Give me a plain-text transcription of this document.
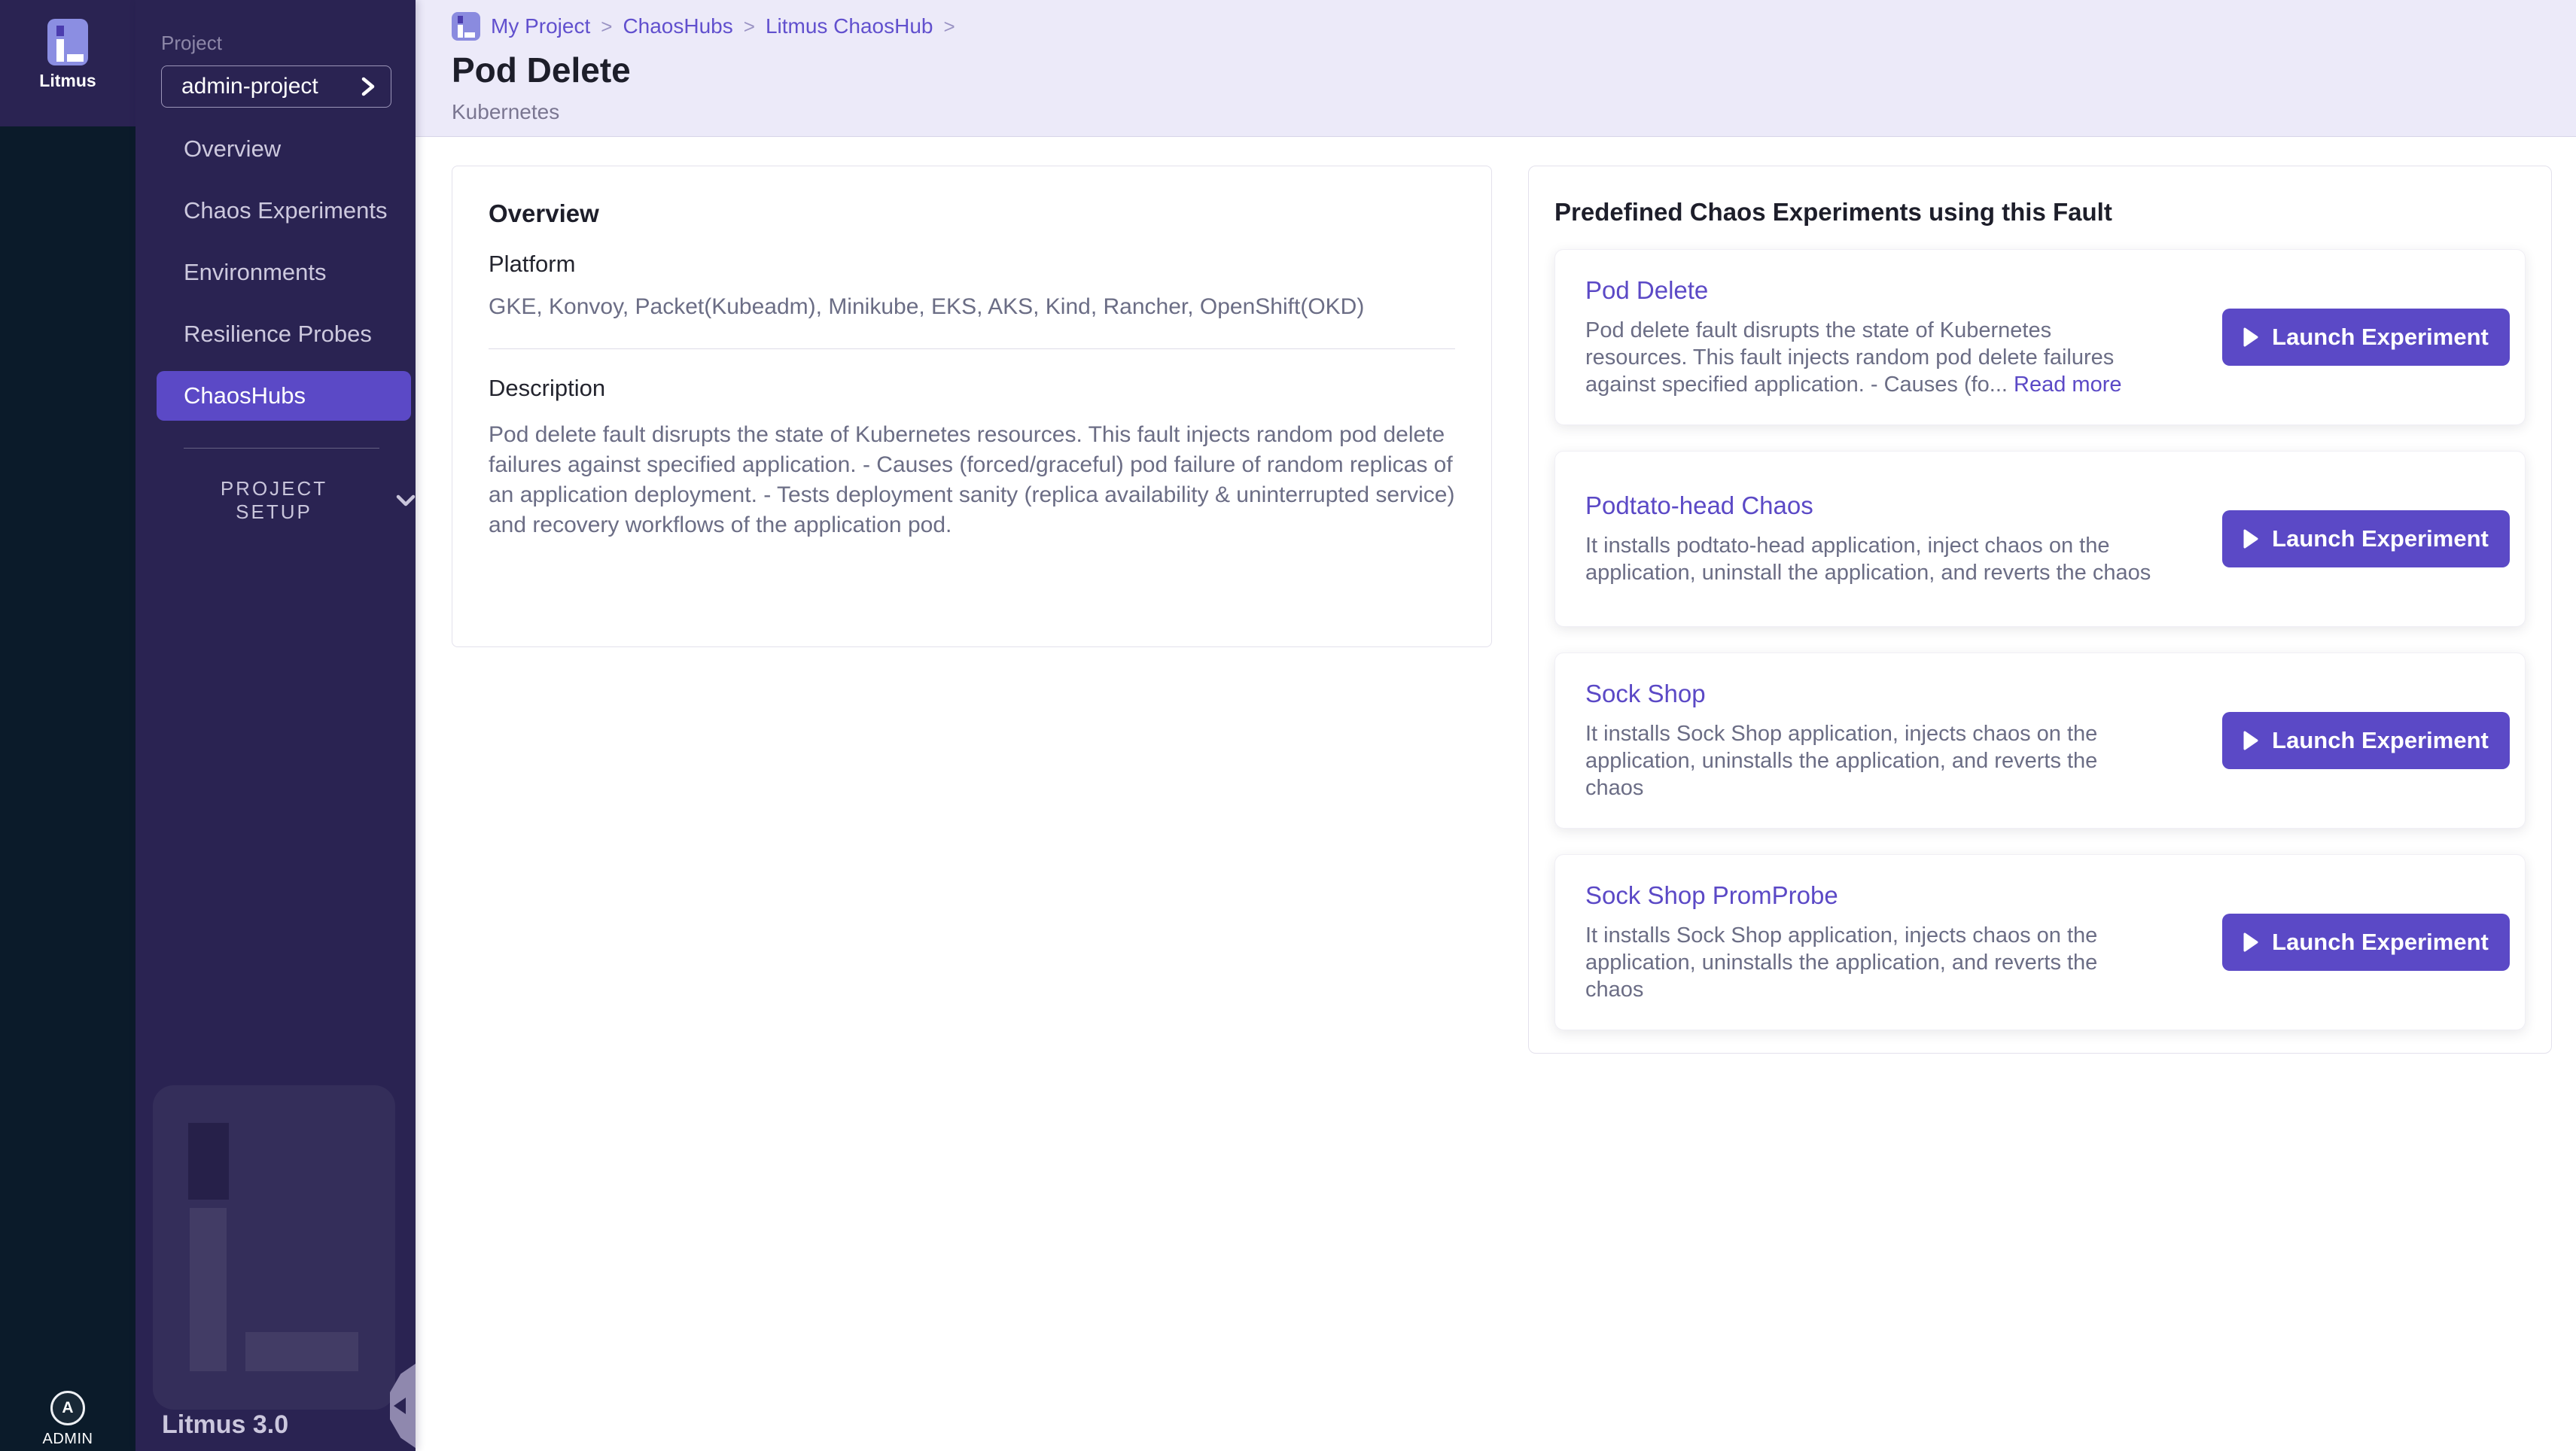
Litmus
A
ADMIN
Project
admin-project
Overview
Chaos Experiments
Environments
Resilience Probes
ChaosHubs
PROJECT SETUP
Litmus 3.0
My Project > ChaosHubs > Litmus ChaosHub >
Pod Delete
Kubernetes
Overview
Platform
GKE, Konvoy, Packet(Kubeadm), Minikube, EKS, AKS, Kind, Rancher, OpenShift(OKD)
Description
Pod delete fault disrupts the state of Kubernetes resources. This fault injects random pod delete failures against specified application. - Causes (forced/graceful) pod failure of random replicas of an application deployment. - Tests deployment sanity (replica availability & uninterrupted service) and recovery workflows of the application pod.
Predefined Chaos Experiments using this Fault
Pod Delete
Pod delete fault disrupts the state of Kubernetes resources. This fault injects random pod delete failures against specified application. - Causes (fo... Read more
Launch Experiment
Podtato-head Chaos
It installs podtato-head application, inject chaos on the application, uninstall the application, and reverts the chaos
Launch Experiment
Sock Shop
It installs Sock Shop application, injects chaos on the application, uninstalls the application, and reverts the chaos
Launch Experiment
Sock Shop PromProbe
It installs Sock Shop application, injects chaos on the application, uninstalls the application, and reverts the chaos
Launch Experiment
